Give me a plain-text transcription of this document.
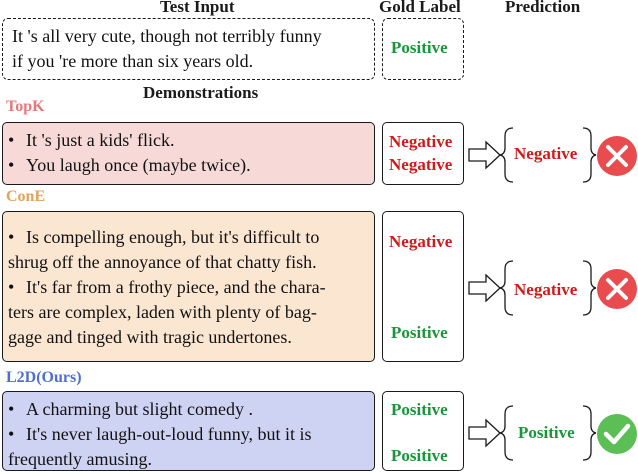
Test Input	Gold Label	Prediction
It 's all very cute, though not terribly funny
if you 're more than six years old.
Positive
Demonstrations
TopK
• It 's just a kids' flick.
• You laugh once (maybe twice).
Negative
Negative
Negative
ConE
• Is compelling enough, but it's difficult to
shrug off the annoyance of that chatty fish.
• It's far from a frothy piece, and the chara-
ters are complex, laden with plenty of bag-
gage and tinged with tragic undertones.
Negative
Positive
Negative
L2D(Ours)
• A charming but slight comedy .
• It's never laugh-out-loud funny, but it is
frequently amusing.
Positive
Positive
Positive
